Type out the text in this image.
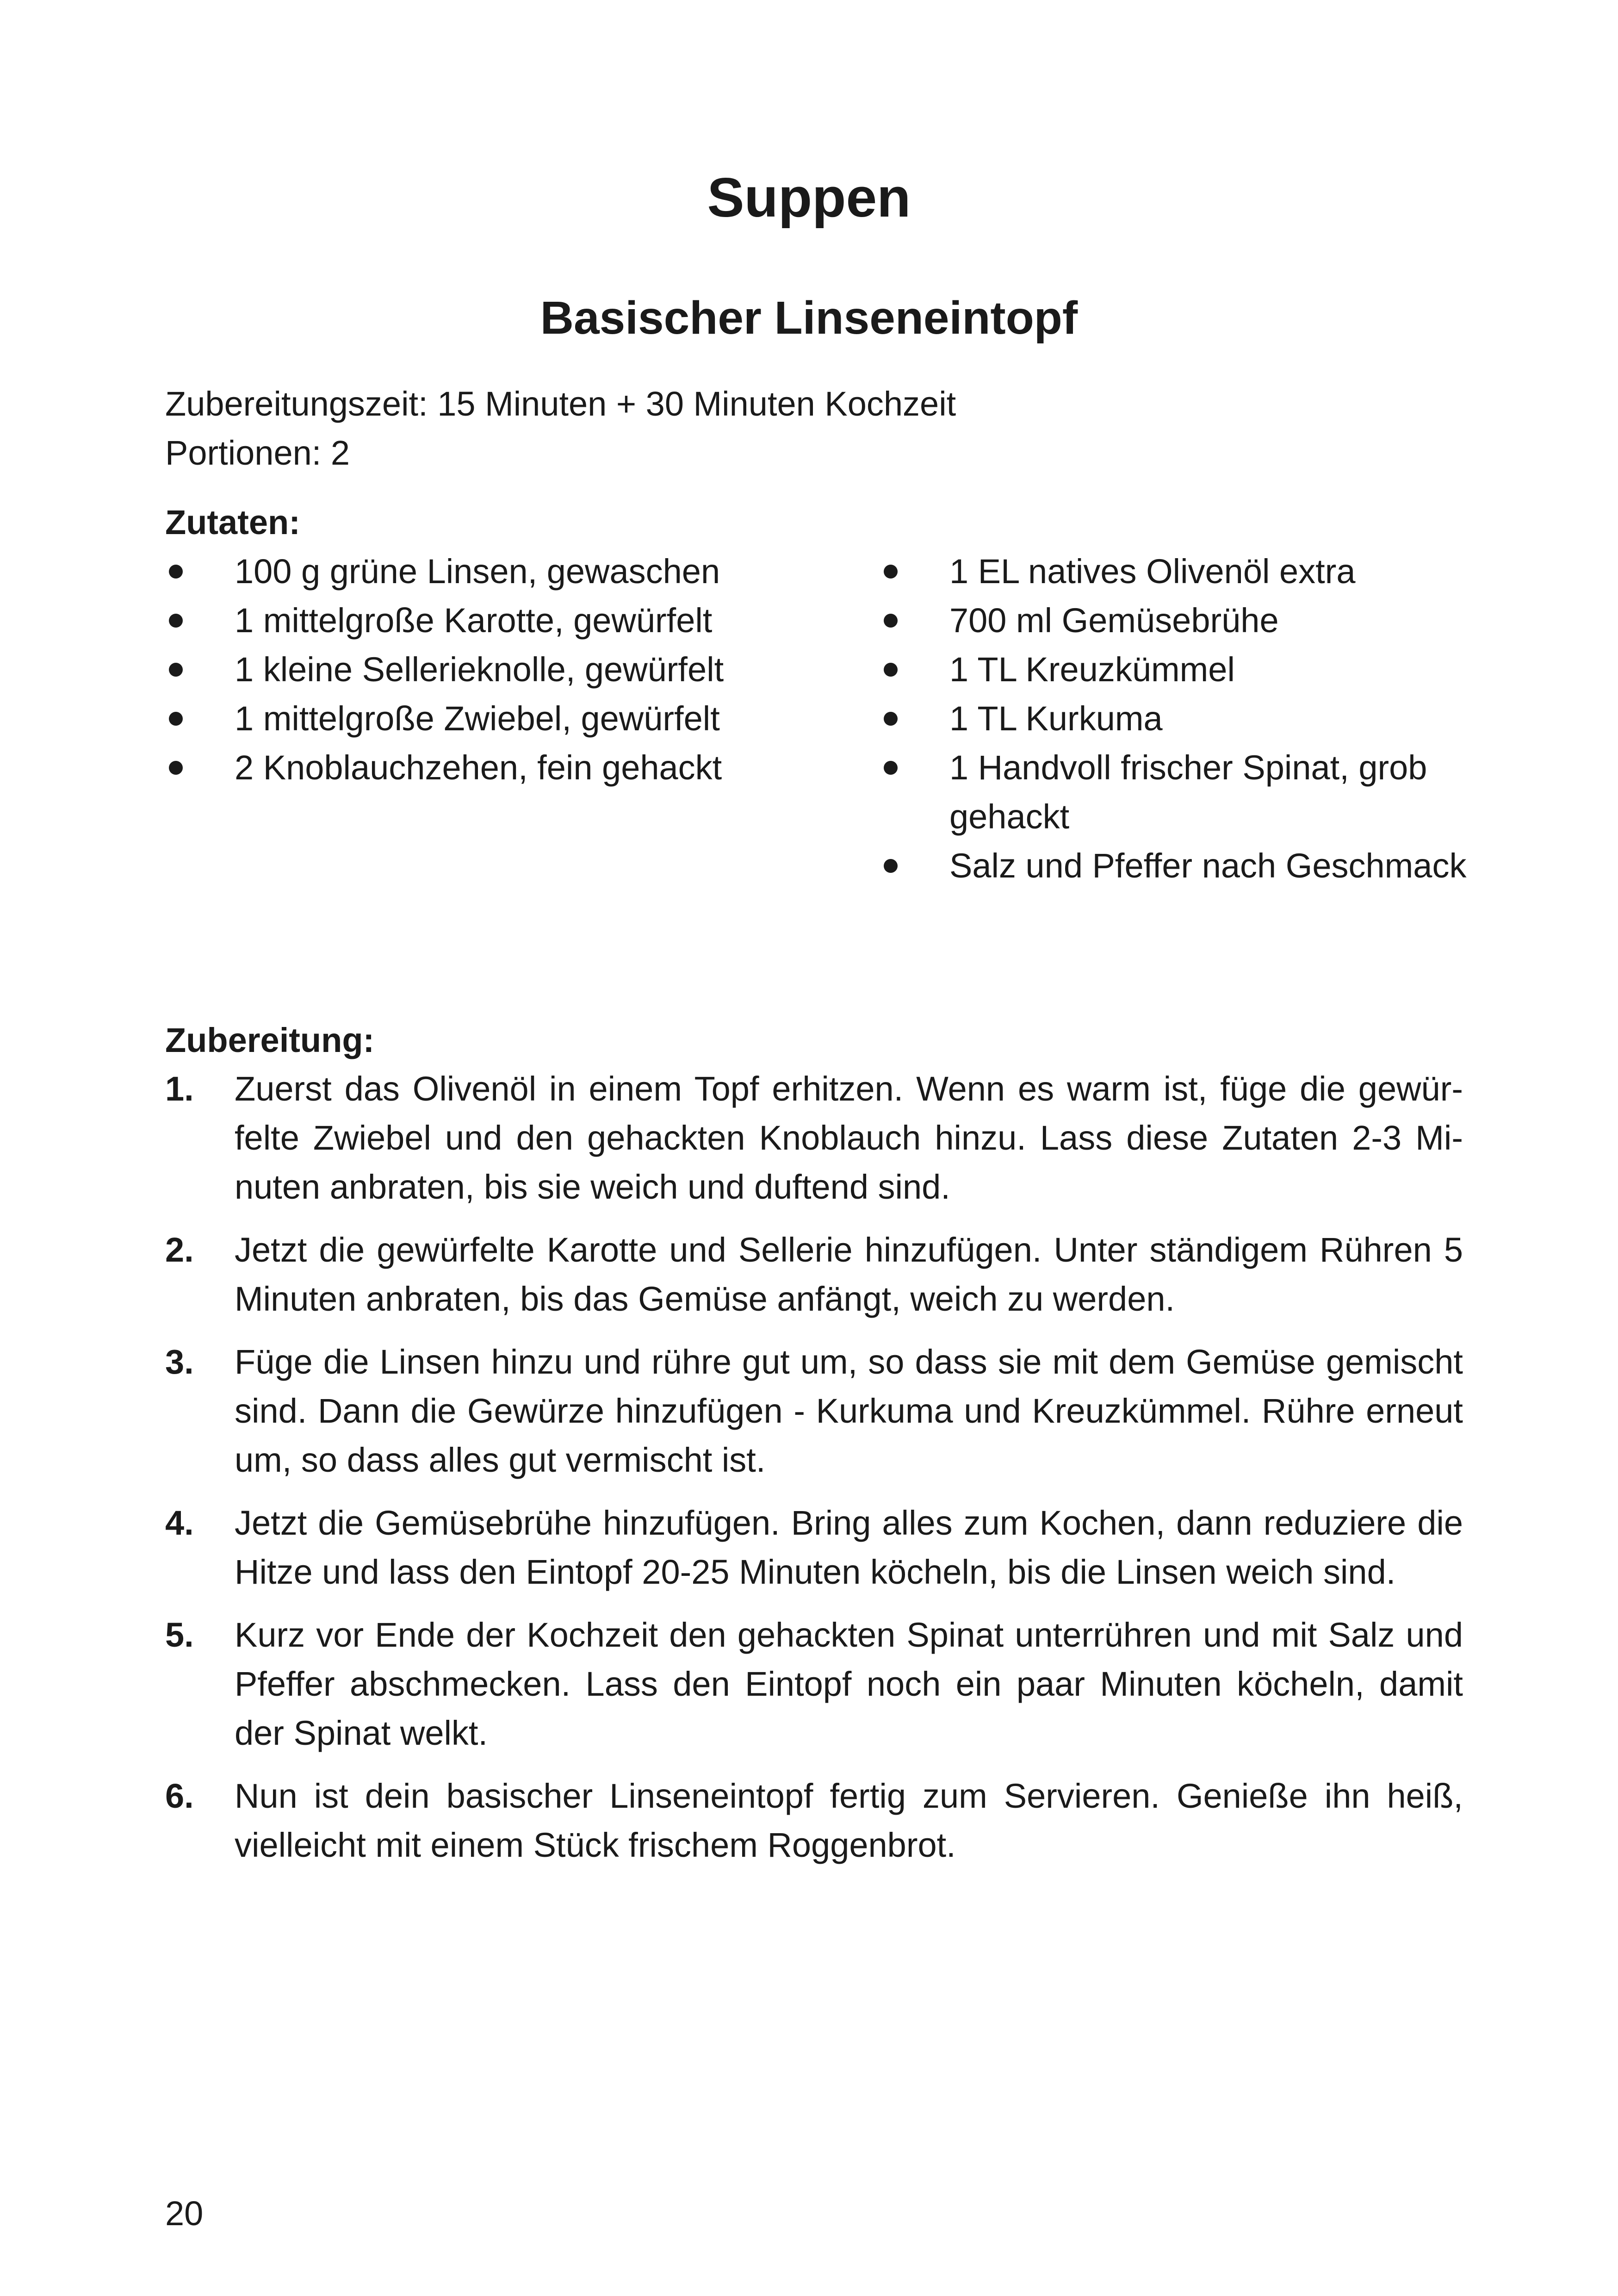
Suppen
Basischer Linseneintopf
Zubereitungszeit: 15 Minuten + 30 Minuten Kochzeit
Portionen: 2
Zutaten:
100 g grüne Linsen, gewaschen
1 mittelgroße Karotte, gewürfelt
1 kleine Sellerieknolle, gewürfelt
1 mittelgroße Zwiebel, gewürfelt
2 Knoblauchzehen, fein gehackt
1 EL natives Olivenöl extra
700 ml Gemüsebrühe
1 TL Kreuzkümmel
1 TL Kurkuma
1 Handvoll frischer Spinat, grob gehackt
Salz und Pfeffer nach Geschmack
Zubereitung:
1. Zuerst das Olivenöl in einem Topf erhitzen. Wenn es warm ist, füge die gewürfelte Zwiebel und den gehackten Knoblauch hinzu. Lass diese Zutaten 2-3 Minuten anbraten, bis sie weich und duftend sind.
2. Jetzt die gewürfelte Karotte und Sellerie hinzufügen. Unter ständigem Rühren 5 Minuten anbraten, bis das Gemüse anfängt, weich zu werden.
3. Füge die Linsen hinzu und rühre gut um, so dass sie mit dem Gemüse gemischt sind. Dann die Gewürze hinzufügen - Kurkuma und Kreuzkümmel. Rühre erneut um, so dass alles gut vermischt ist.
4. Jetzt die Gemüsebrühe hinzufügen. Bring alles zum Kochen, dann reduziere die Hitze und lass den Eintopf 20-25 Minuten köcheln, bis die Linsen weich sind.
5. Kurz vor Ende der Kochzeit den gehackten Spinat unterrühren und mit Salz und Pfeffer abschmecken. Lass den Eintopf noch ein paar Minuten köcheln, damit der Spinat welkt.
6. Nun ist dein basischer Linseneintopf fertig zum Servieren. Genieße ihn heiß, vielleicht mit einem Stück frischem Roggenbrot.
20
